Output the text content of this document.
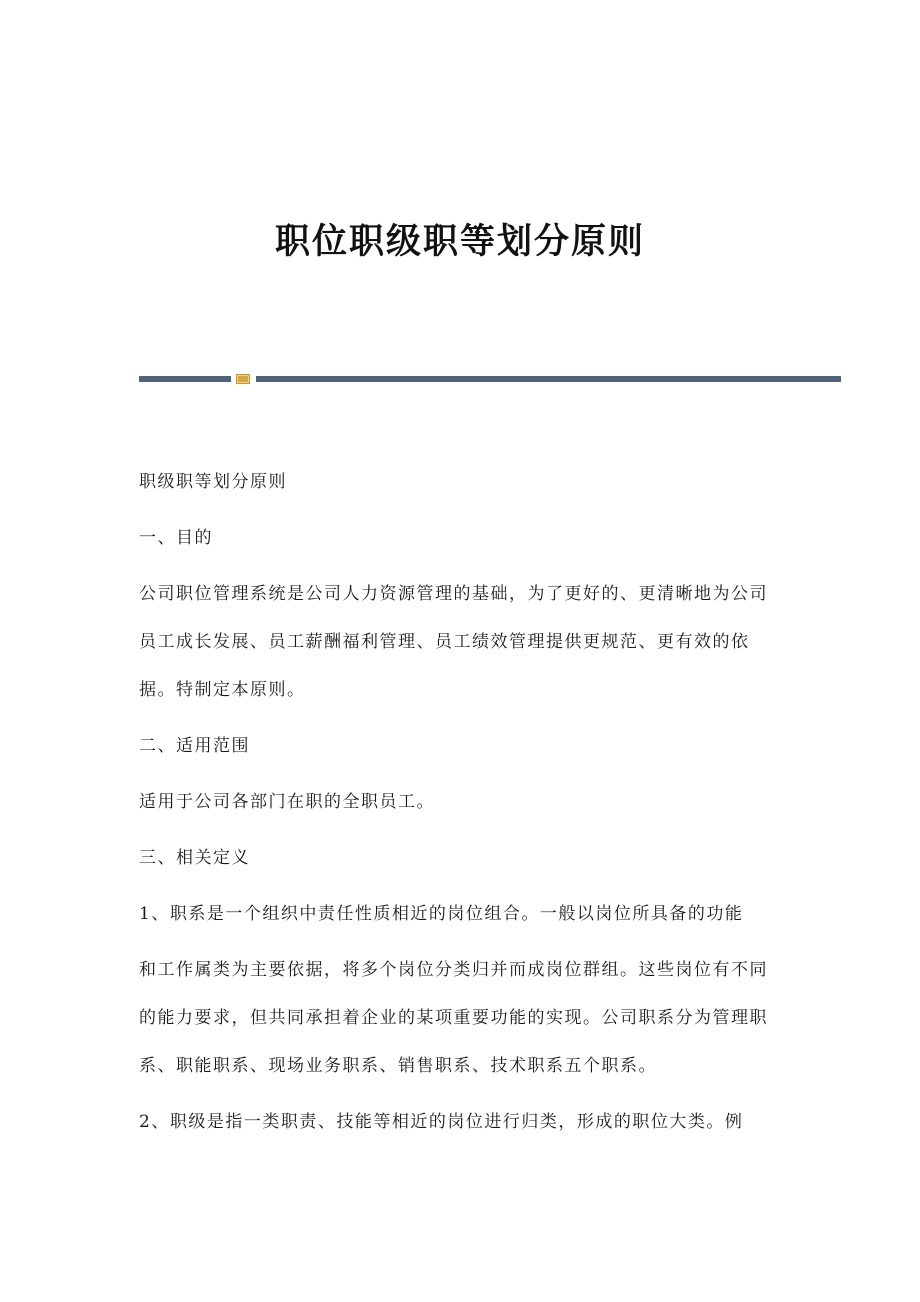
职位职级职等划分原则
职级职等划分原则
一、目的
公司职位管理系统是公司人力资源管理的基础，为了更好的、更清晰地为公司
员工成长发展、员工薪酬福利管理、员工绩效管理提供更规范、更有效的依
据。特制定本原则。
二、适用范围
适用于公司各部门在职的全职员工。
三、相关定义
1、职系是一个组织中责任性质相近的岗位组合。一般以岗位所具备的功能
和工作属类为主要依据，将多个岗位分类归并而成岗位群组。这些岗位有不同
的能力要求，但共同承担着企业的某项重要功能的实现。公司职系分为管理职
系、职能职系、现场业务职系、销售职系、技术职系五个职系。
2、职级是指一类职责、技能等相近的岗位进行归类，形成的职位大类。例
